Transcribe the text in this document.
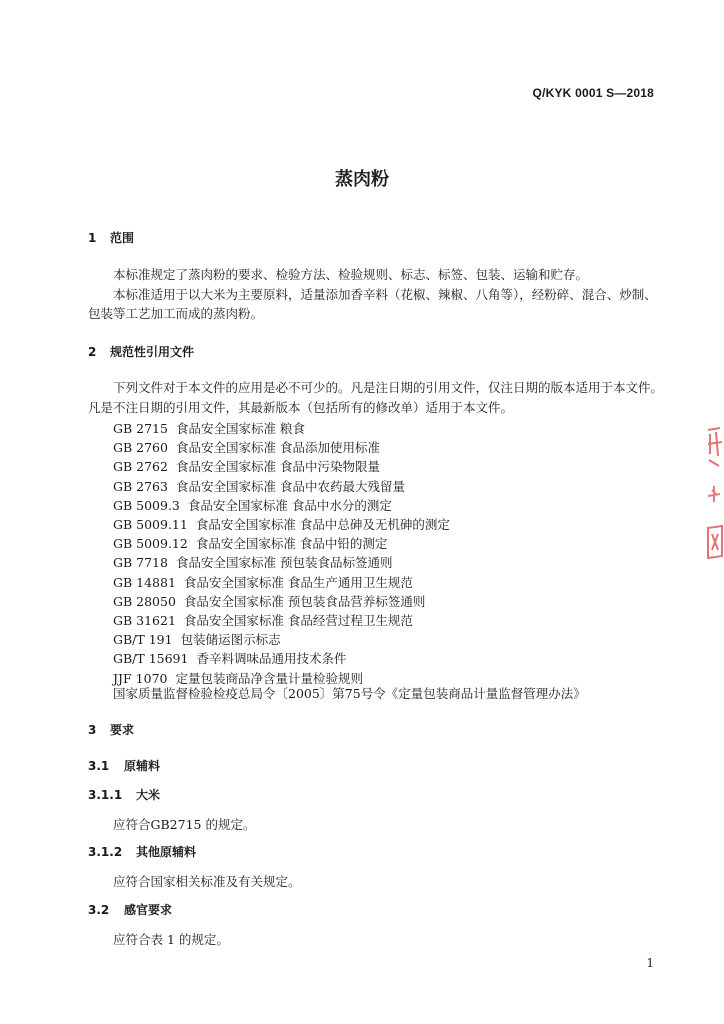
Q/KYK 0001 S—2018
蒸肉粉
1 范围
本标准规定了蒸肉粉的要求、检验方法、检验规则、标志、标签、包装、运输和贮存。
本标准适用于以大米为主要原料，适量添加香辛料（花椒、辣椒、八角等），经粉碎、混合、炒制、
包装等工艺加工而成的蒸肉粉。
2 规范性引用文件
下列文件对于本文件的应用是必不可少的。凡是注日期的引用文件，仅注日期的版本适用于本文件。
凡是不注日期的引用文件，其最新版本（包括所有的修改单）适用于本文件。
GB 2715 食品安全国家标准 粮食
GB 2760 食品安全国家标准 食品添加使用标准
GB 2762 食品安全国家标准 食品中污染物限量
GB 2763 食品安全国家标准 食品中农药最大残留量
GB 5009.3 食品安全国家标准 食品中水分的测定
GB 5009.11 食品安全国家标准 食品中总砷及无机砷的测定
GB 5009.12 食品安全国家标准 食品中铅的测定
GB 7718 食品安全国家标准 预包装食品标签通则
GB 14881 食品安全国家标准 食品生产通用卫生规范
GB 28050 食品安全国家标准 预包装食品营养标签通则
GB 31621 食品安全国家标准 食品经营过程卫生规范
GB/T 191 包装储运图示标志
GB/T 15691 香辛料调味品通用技术条件
JJF 1070 定量包装商品净含量计量检验规则
国家质量监督检验检疫总局令〔2005〕第75号令《定量包装商品计量监督管理办法》
3 要求
3.1 原辅料
3.1.1 大米
应符合GB2715 的规定。
3.1.2 其他原辅料
应符合国家相关标准及有关规定。
3.2 感官要求
应符合表 1 的规定。
1
